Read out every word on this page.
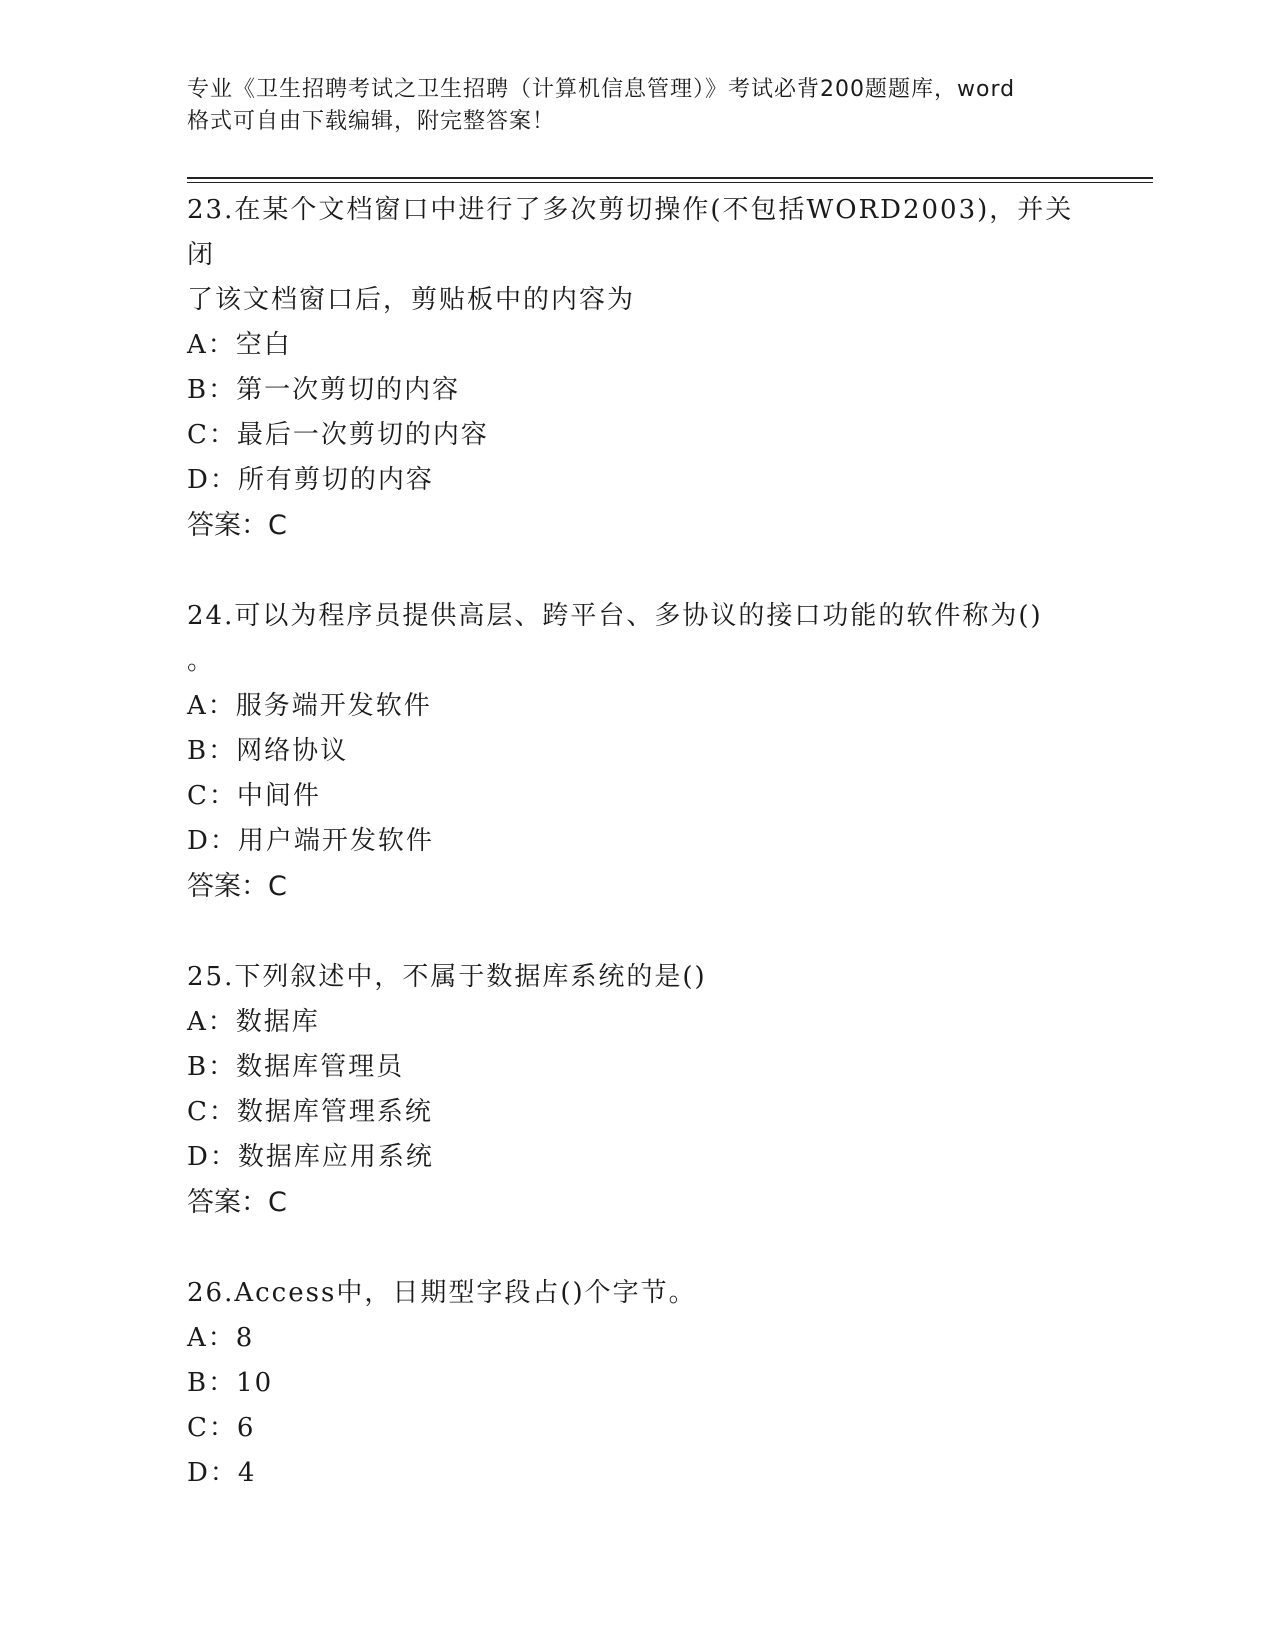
专业《卫生招聘考试之卫生招聘（计算机信息管理）》考试必背200题题库，word
格式可自由下载编辑，附完整答案！

23.在某个文档窗口中进行了多次剪切操作(不包括WORD2003)，并关闭

了该文档窗口后，剪贴板中的内容为

A：空白

B：第一次剪切的内容

C：最后一次剪切的内容

D：所有剪切的内容

答案：C

24.可以为程序员提供高层、跨平台、多协议的接口功能的软件称为()

。

A：服务端开发软件

B：网络协议

C：中间件

D：用户端开发软件

答案：C

25.下列叙述中，不属于数据库系统的是()

A：数据库

B：数据库管理员

C：数据库管理系统

D：数据库应用系统

答案：C

26.Access中，日期型字段占()个字节。

A：8

B：10

C：6

D：4
